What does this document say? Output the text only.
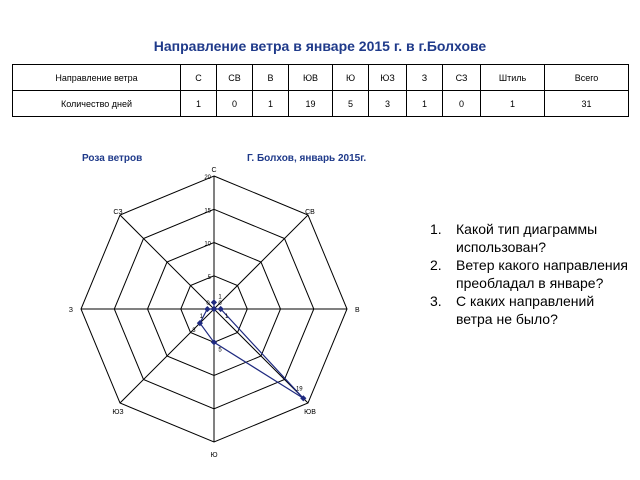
Направление ветра в январе 2015 г. в г.Болхове
Направление ветра	С	СВ	В	ЮВ	Ю	ЮЗ	З	СЗ	Штиль	Всего
Количество дней	1	0	1	19	5	3	1	0	1	31
Роза ветров	Г. Болхов, январь 2015г.
5
10
15
20
С
СВ
В
ЮВ
Ю
ЮЗ
З
СЗ
1
0
1
19
5
3
1
0
1.	Какой тип диаграммы использован?
2.	Ветер какого направления преобладал в январе?
3.	С каких направлений ветра не было?
